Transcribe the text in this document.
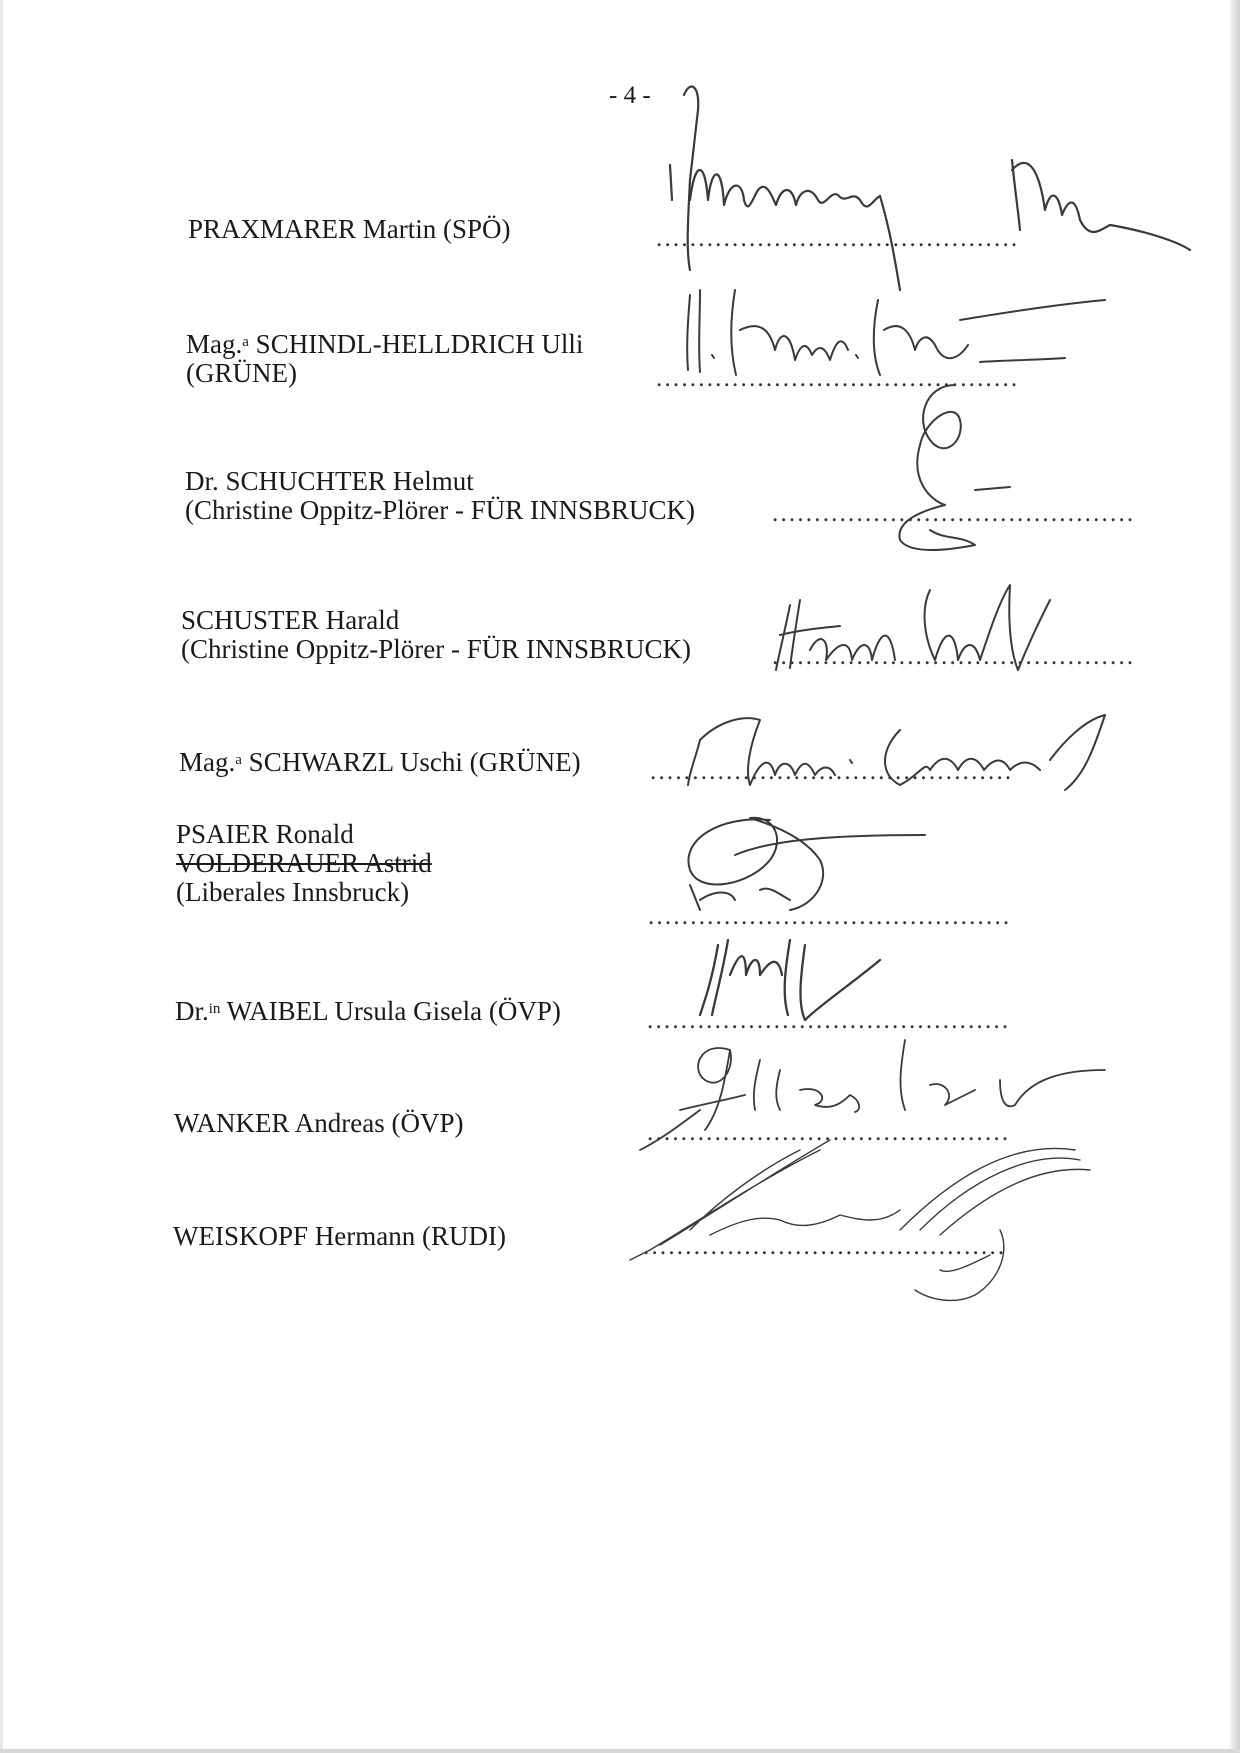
- 4 -
PRAXMARER Martin (SPÖ)	...........................................
Mag.$^a$ SCHINDL-HELLDRICH Ulli
(GRÜNE)	...........................................
Dr. SCHUCHTER Helmut
(Christine Oppitz-Plörer - FÜR INNSBRUCK)	...........................................
SCHUSTER Harald
(Christine Oppitz-Plörer - FÜR INNSBRUCK)	...........................................
Mag.$^a$ SCHWARZL Uschi (GRÜNE)	...........................................
PSAIER Ronald
VOLDERAUER Astrid
(Liberales Innsbruck)
...........................................
Dr.$^{in}$ WAIBEL Ursula Gisela (ÖVP)	...........................................
WANKER Andreas (ÖVP)	...........................................
WEISKOPF Hermann (RUDI)	...........................................
